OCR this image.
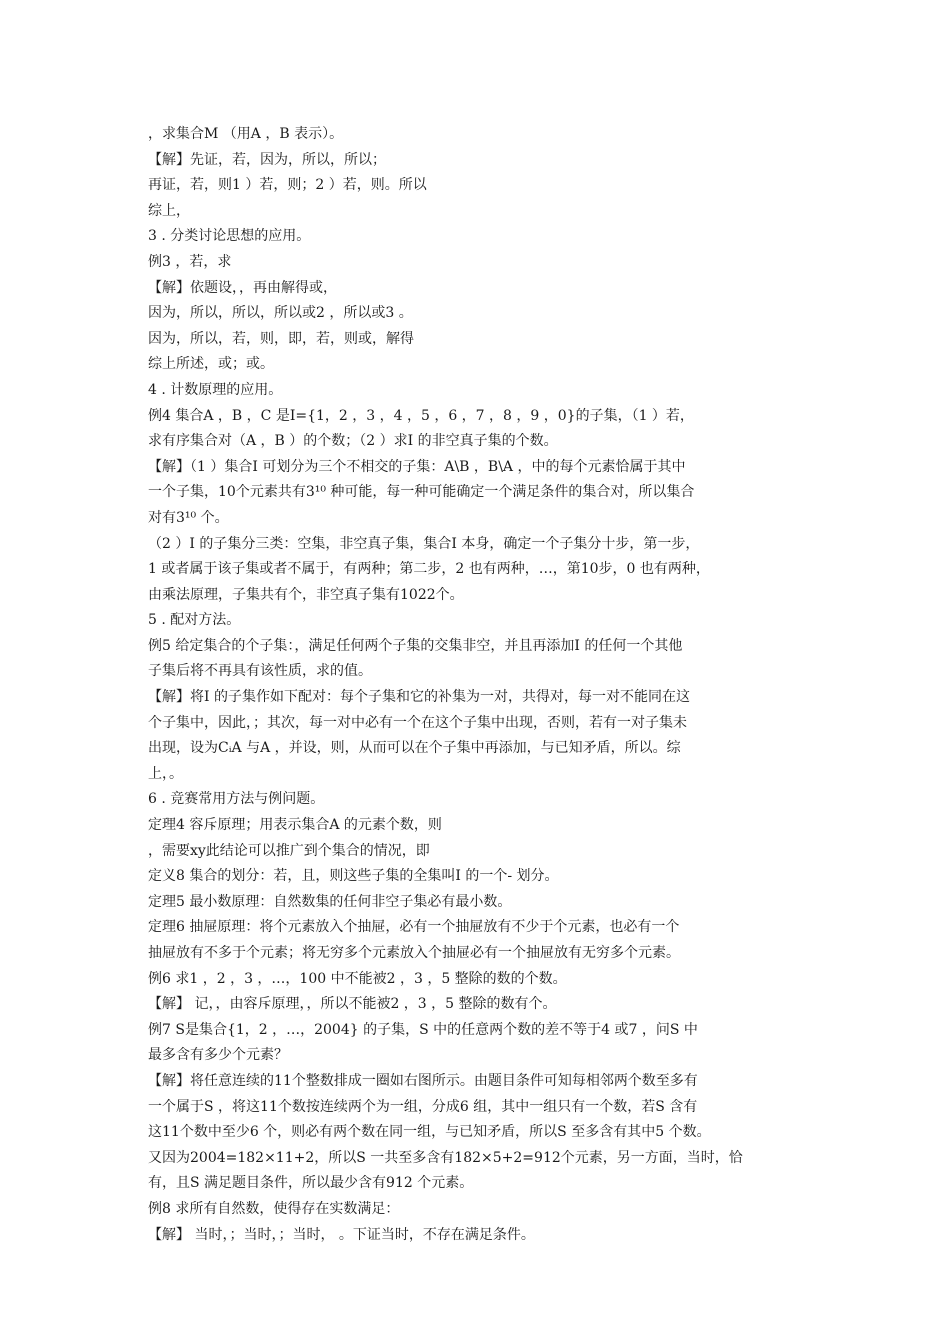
，求集合M （用A ，B 表示）。
【解】先证，若，因为，所以，所以；
再证，若，则1 ）若，则；2 ）若，则。所以
综上，
3 . 分类讨论思想的应用。
例3 ，若，求
【解】依题设，，再由解得或，
因为，所以，所以，所以或2 ，所以或3 。
因为，所以，若，则，即，若，则或，解得
综上所述，或；或。
4 . 计数原理的应用。
例4 集合A ，B ，C 是I={1，2 ，3 ，4 ，5 ，6 ，7 ，8 ，9 ，0}的子集，（1 ）若，
求有序集合对（A ，B ）的个数；（2 ）求I 的非空真子集的个数。
【解】（1 ）集合I 可划分为三个不相交的子集：A\B ，B\A ，中的每个元素恰属于其中
一个子集，10个元素共有3¹⁰ 种可能，每一种可能确定一个满足条件的集合对，所以集合
对有3¹⁰ 个。
（2 ）I 的子集分三类：空集，非空真子集，集合I 本身，确定一个子集分十步，第一步，
1 或者属于该子集或者不属于，有两种；第二步，2 也有两种，…，第10步，0 也有两种，
由乘法原理，子集共有个，非空真子集有1022个。
5 . 配对方法。
例5 给定集合的个子集：，满足任何两个子集的交集非空，并且再添加I 的任何一个其他
子集后将不再具有该性质，求的值。
【解】将I 的子集作如下配对：每个子集和它的补集为一对，共得对，每一对不能同在这
个子集中，因此，；其次，每一对中必有一个在这个子集中出现，否则，若有一对子集未
出现，设为CᵢA 与A ，并设，则，从而可以在个子集中再添加，与已知矛盾，所以。综
上，。
6 . 竞赛常用方法与例问题。
定理4 容斥原理；用表示集合A 的元素个数，则
，需要xy此结论可以推广到个集合的情况，即
定义8 集合的划分：若，且，则这些子集的全集叫I 的一个- 划分。
定理5 最小数原理：自然数集的任何非空子集必有最小数。
定理6 抽屉原理：将个元素放入个抽屉，必有一个抽屉放有不少于个元素，也必有一个
抽屉放有不多于个元素；将无穷多个元素放入个抽屉必有一个抽屉放有无穷多个元素。
例6 求1 ，2 ，3 ，…，100 中不能被2 ，3 ，5 整除的数的个数。
【解】 记，，由容斥原理，，所以不能被2 ，3 ，5 整除的数有个。
例7 S是集合{1，2 ，…，2004} 的子集，S 中的任意两个数的差不等于4 或7 ，问S 中
最多含有多少个元素？
【解】将任意连续的11个整数排成一圈如右图所示。由题目条件可知每相邻两个数至多有
一个属于S ，将这11个数按连续两个为一组，分成6 组，其中一组只有一个数，若S 含有
这11个数中至少6 个，则必有两个数在同一组，与已知矛盾，所以S 至多含有其中5 个数。
又因为2004=182×11+2，所以S 一共至多含有182×5+2=912个元素，另一方面，当时，恰
有，且S 满足题目条件，所以最少含有912 个元素。
例8 求所有自然数，使得存在实数满足：
【解】 当时，；当时，；当时， 。下证当时，不存在满足条件。
